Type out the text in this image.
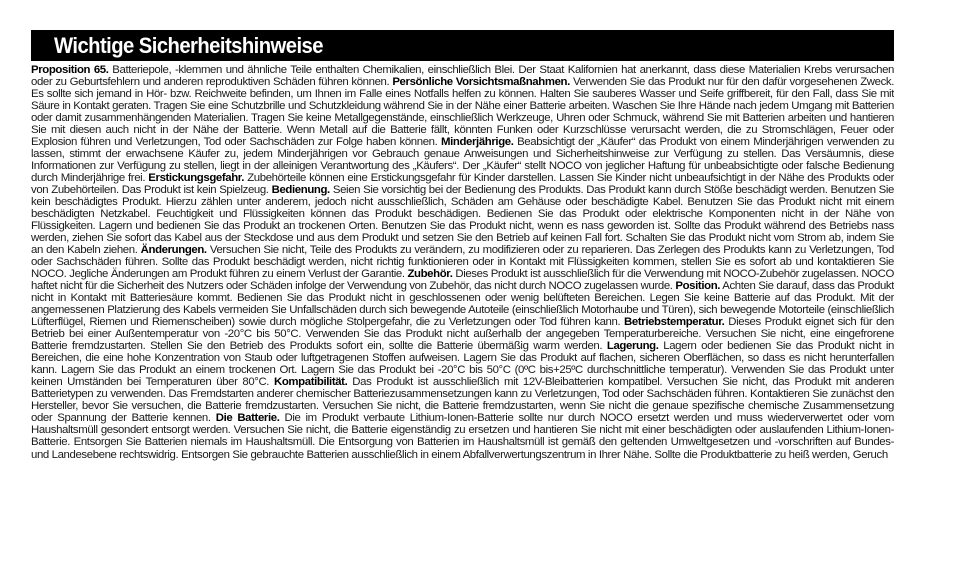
Wichtige Sicherheitshinweise
Proposition 65. Batteriepole, -klemmen und ähnliche Teile enthalten Chemikalien, einschließlich Blei. Der Staat Kalifornien hat anerkannt, dass diese Materialien Krebs verursachen oder zu Geburtsfehlern und anderen reproduktiven Schäden führen können. Persönliche Vorsichtsmaßnahmen. Verwenden Sie das Produkt nur für den dafür vorgesehenen Zweck. Es sollte sich jemand in Hör- bzw. Reichweite befinden, um Ihnen im Falle eines Notfalls helfen zu können. Halten Sie sauberes Wasser und Seife griffbereit, für den Fall, dass Sie mit Säure in Kontakt geraten. Tragen Sie eine Schutzbrille und Schutzkleidung während Sie in der Nähe einer Batterie arbeiten. Waschen Sie Ihre Hände nach jedem Umgang mit Batterien oder damit zusammenhängenden Materialien. Tragen Sie keine Metallgegenstände, einschließlich Werkzeuge, Uhren oder Schmuck, während Sie mit Batterien arbeiten und hantieren Sie mit diesen auch nicht in der Nähe der Batterie. Wenn Metall auf die Batterie fällt, könnten Funken oder Kurzschlüsse verursacht werden, die zu Stromschlägen, Feuer oder Explosion führen und Verletzungen, Tod oder Sachschäden zur Folge haben können. Minderjährige. Beabsichtigt der „Käufer“ das Produkt von einem Minderjährigen verwenden zu lassen, stimmt der erwachsene Käufer zu, jedem Minderjährigen vor Gebrauch genaue Anweisungen und Sicherheitshinweise zur Verfügung zu stellen. Das Versäumnis, diese Informationen zur Verfügung zu stellen, liegt in der alleinigen Verantwortung des „Käufers“. Der „Käufer“ stellt NOCO von jeglicher Haftung für unbeabsichtigte oder falsche Bedienung durch Minderjährige frei. Erstickungsgefahr. Zubehörteile können eine Erstickungsgefahr für Kinder darstellen. Lassen Sie Kinder nicht unbeaufsichtigt in der Nähe des Produkts oder von Zubehörteilen. Das Produkt ist kein Spielzeug. Bedienung. Seien Sie vorsichtig bei der Bedienung des Produkts. Das Produkt kann durch Stöße beschädigt werden. Benutzen Sie kein beschädigtes Produkt. Hierzu zählen unter anderem, jedoch nicht ausschließlich, Schäden am Gehäuse oder beschädigte Kabel. Benutzen Sie das Produkt nicht mit einem beschädigten Netzkabel. Feuchtigkeit und Flüssigkeiten können das Produkt beschädigen. Bedienen Sie das Produkt oder elektrische Komponenten nicht in der Nähe von Flüssigkeiten. Lagern und bedienen Sie das Produkt an trockenen Orten. Benutzen Sie das Produkt nicht, wenn es nass geworden ist. Sollte das Produkt während des Betriebs nass werden, ziehen Sie sofort das Kabel aus der Steckdose und aus dem Produkt und setzen Sie den Betrieb auf keinen Fall fort. Schalten Sie das Produkt nicht vom Strom ab, indem Sie an den Kabeln ziehen. Änderungen. Versuchen Sie nicht, Teile des Produkts zu verändern, zu modifizieren oder zu reparieren. Das Zerlegen des Produkts kann zu Verletzungen, Tod oder Sachschäden führen. Sollte das Produkt beschädigt werden, nicht richtig funktionieren oder in Kontakt mit Flüssigkeiten kommen, stellen Sie es sofort ab und kontaktieren Sie NOCO. Jegliche Änderungen am Produkt führen zu einem Verlust der Garantie. Zubehör. Dieses Produkt ist ausschließlich für die Verwendung mit NOCO-Zubehör zugelassen. NOCO haftet nicht für die Sicherheit des Nutzers oder Schäden infolge der Verwendung von Zubehör, das nicht durch NOCO zugelassen wurde. Position. Achten Sie darauf, dass das Produkt nicht in Kontakt mit Batteriesäure kommt. Bedienen Sie das Produkt nicht in geschlossenen oder wenig belüfteten Bereichen. Legen Sie keine Batterie auf das Produkt. Mit der angemessenen Platzierung des Kabels vermeiden Sie Unfallschäden durch sich bewegende Autoteile (einschließlich Motorhaube und Türen), sich bewegende Motorteile (einschließlich Lüfterflügel, Riemen und Riemenscheiben) sowie durch mögliche Stolpergefahr, die zu Verletzungen oder Tod führen kann. Betriebstemperatur. Dieses Produkt eignet sich für den Betrieb bei einer Außentemperatur von -20°C bis 50°C. Verwenden Sie das Produkt nicht außerhalb der angegeben Temperaturbereiche. Versuchen Sie nicht, eine eingefrorene Batterie fremdzustarten. Stellen Sie den Betrieb des Produkts sofort ein, sollte die Batterie übermäßig warm werden. Lagerung. Lagern oder bedienen Sie das Produkt nicht in Bereichen, die eine hohe Konzentration von Staub oder luftgetragenen Stoffen aufweisen. Lagern Sie das Produkt auf flachen, sicheren Oberflächen, so dass es nicht herunterfallen kann. Lagern Sie das Produkt an einem trockenen Ort. Lagern Sie das Produkt bei -20°C bis 50°C (0ºC bis+25ºC durchschnittliche temperatur). Verwenden Sie das Produkt unter keinen Umständen bei Temperaturen über 80°C. Kompatibilität. Das Produkt ist ausschließlich mit 12V-Bleibatterien kompatibel. Versuchen Sie nicht, das Produkt mit anderen Batterietypen zu verwenden. Das Fremdstarten anderer chemischer Batteriezusammensetzungen kann zu Verletzungen, Tod oder Sachschäden führen. Kontaktieren Sie zunächst den Hersteller, bevor Sie versuchen, die Batterie fremdzustarten. Versuchen Sie nicht, die Batterie fremdzustarten, wenn Sie nicht die genaue spezifische chemische Zusammensetzung oder Spannung der Batterie kennen. Die Batterie. Die im Produkt verbaute Lithium-Ionen-Batterie sollte nur durch NOCO ersetzt werden und muss wiederverwertet oder vom Haushaltsmüll gesondert entsorgt werden. Versuchen Sie nicht, die Batterie eigenständig zu ersetzen und hantieren Sie nicht mit einer beschädigten oder auslaufenden Lithium-Ionen-Batterie. Entsorgen Sie Batterien niemals im Haushaltsmüll. Die Entsorgung von Batterien im Haushaltsmüll ist gemäß den geltenden Umweltgesetzen und -vorschriften auf Bundes- und Landesebene rechtswidrig. Entsorgen Sie gebrauchte Batterien ausschließlich in einem Abfallverwertungszentrum in Ihrer Nähe. Sollte die Produktbatterie zu heiß werden, Geruch
